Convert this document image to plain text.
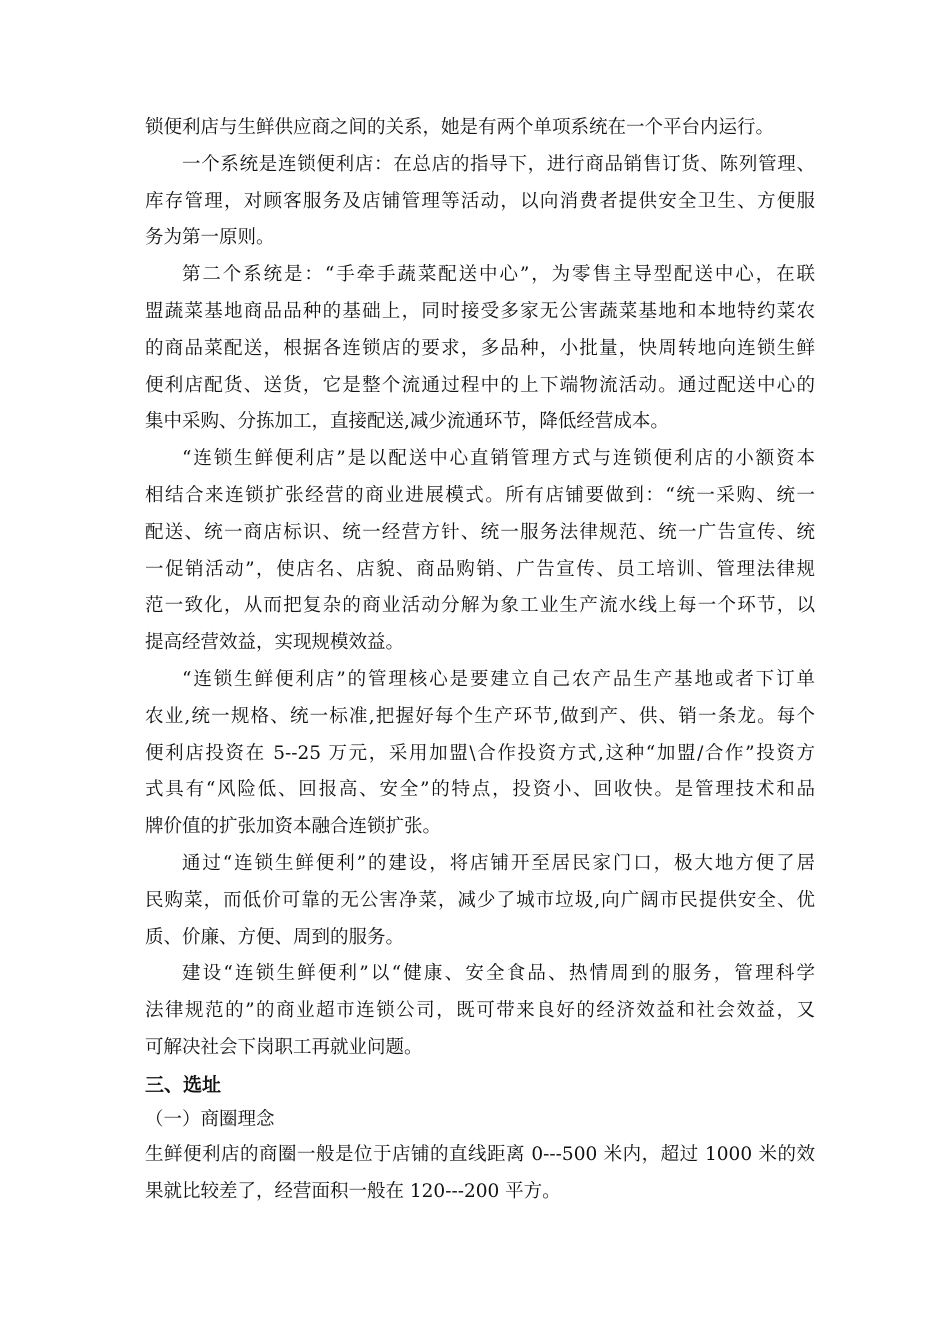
锁便利店与生鲜供应商之间的关系，她是有两个单项系统在一个平台内运行。
一个系统是连锁便利店：在总店的指导下，进行商品销售订货、陈列管理、
库存管理，对顾客服务及店铺管理等活动，以向消费者提供安全卫生、方便服
务为第一原则。
第二个系统是：“手牵手蔬菜配送中心”，为零售主导型配送中心，在联
盟蔬菜基地商品品种的基础上，同时接受多家无公害蔬菜基地和本地特约菜农
的商品菜配送，根据各连锁店的要求，多品种，小批量，快周转地向连锁生鲜
便利店配货、送货，它是整个流通过程中的上下端物流活动。通过配送中心的
集中采购、分拣加工，直接配送,减少流通环节，降低经营成本。
“连锁生鲜便利店”是以配送中心直销管理方式与连锁便利店的小额资本
相结合来连锁扩张经营的商业进展模式。所有店铺要做到：“统一采购、统一
配送、统一商店标识、统一经营方针、统一服务法律规范、统一广告宣传、统
一促销活动”，使店名、店貌、商品购销、广告宣传、员工培训、管理法律规
范一致化，从而把复杂的商业活动分解为象工业生产流水线上每一个环节，以
提高经营效益，实现规模效益。
“连锁生鲜便利店”的管理核心是要建立自己农产品生产基地或者下订单
农业,统一规格、统一标准,把握好每个生产环节,做到产、供、销一条龙。每个
便利店投资在 5--25 万元，采用加盟\合作投资方式,这种“加盟/合作”投资方
式具有“风险低、回报高、安全”的特点，投资小、回收快。是管理技术和品
牌价值的扩张加资本融合连锁扩张。
通过“连锁生鲜便利”的建设，将店铺开至居民家门口，极大地方便了居
民购菜，而低价可靠的无公害净菜，减少了城市垃圾,向广阔市民提供安全、优
质、价廉、方便、周到的服务。
建设“连锁生鲜便利”以“健康、安全食品、热情周到的服务，管理科学
法律规范的”的商业超市连锁公司，既可带来良好的经济效益和社会效益，又
可解决社会下岗职工再就业问题。
三、选址
（一）商圈理念
生鲜便利店的商圈一般是位于店铺的直线距离 0---500 米内，超过 1000 米的效
果就比较差了，经营面积一般在 120---200 平方。
